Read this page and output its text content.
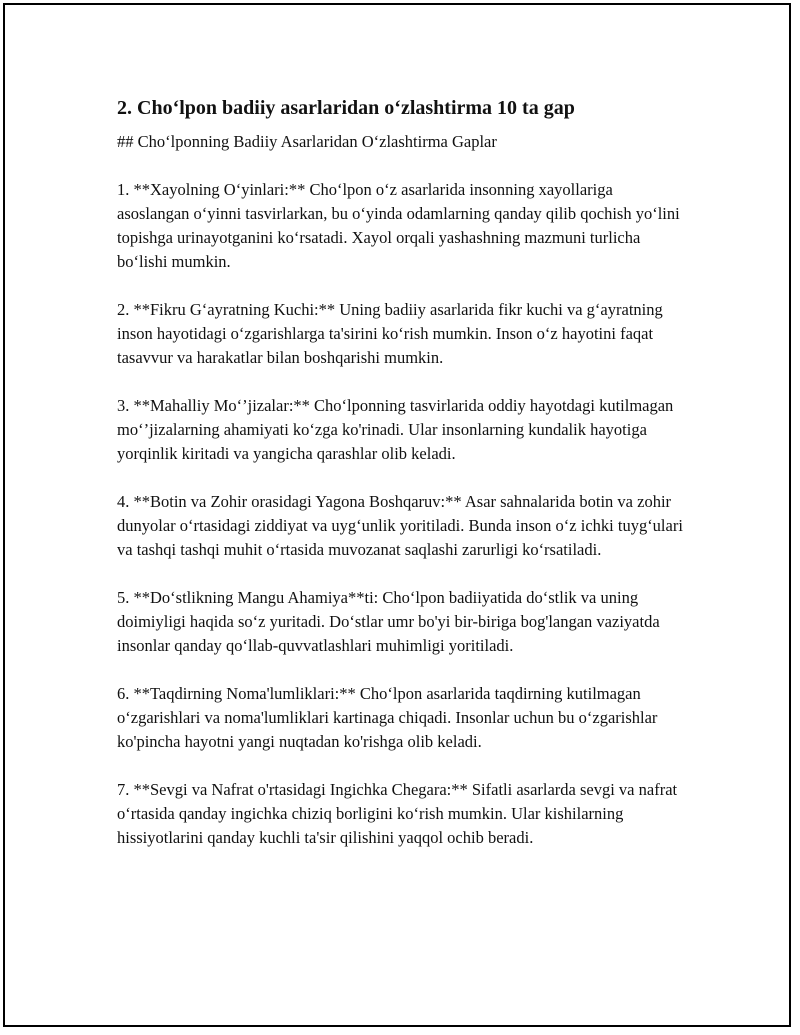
2. Cho‘lpon badiiy asarlaridan o‘zlashtirma 10 ta gap

## Cho‘lponning Badiiy Asarlaridan O‘zlashtirma Gaplar

1. **Xayolning O‘yinlari:** Cho‘lpon o‘z asarlarida insonning xayollariga asoslangan o‘yinni tasvirlarkan, bu o‘yinda odamlarning qanday qilib qochish yo‘lini topishga urinayotganini ko‘rsatadi. Xayol orqali yashashning mazmuni turlicha bo‘lishi mumkin.

2. **Fikru G‘ayratning Kuchi:** Uning badiiy asarlarida fikr kuchi va g‘ayratning inson hayotidagi o‘zgarishlarga ta'sirini ko‘rish mumkin. Inson o‘z hayotini faqat tasavvur va harakatlar bilan boshqarishi mumkin.

3. **Mahalliy Mo‘’jizalar:** Cho‘lponning tasvirlarida oddiy hayotdagi kutilmagan mo‘’jizalarning ahamiyati ko‘zga ko'rinadi. Ular insonlarning kundalik hayotiga yorqinlik kiritadi va yangicha qarashlar olib keladi.

4. **Botin va Zohir orasidagi Yagona Boshqaruv:** Asar sahnalarida botin va zohir dunyolar o‘rtasidagi ziddiyat va uyg‘unlik yoritiladi. Bunda inson o‘z ichki tuyg‘ulari va tashqi tashqi muhit o‘rtasida muvozanat saqlashi zarurligi ko‘rsatiladi.

5. **Do‘stlikning Mangu Ahamiya**ti: Cho‘lpon badiiyatida do‘stlik va uning doimiyligi haqida so‘z yuritadi. Do‘stlar umr bo'yi bir-biriga bog'langan vaziyatda insonlar qanday qo‘llab-quvvatlashlari muhimligi yoritiladi.

6. **Taqdirning Noma'lumliklari:** Cho‘lpon asarlarida taqdirning kutilmagan o‘zgarishlari va noma'lumliklari kartinaga chiqadi. Insonlar uchun bu o‘zgarishlar ko'pincha hayotni yangi nuqtadan ko'rishga olib keladi.

7. **Sevgi va Nafrat o'rtasidagi Ingichka Chegara:** Sifatli asarlarda sevgi va nafrat o‘rtasida qanday ingichka chiziq borligini ko‘rish mumkin. Ular kishilarning hissiyotlarini qanday kuchli ta'sir qilishini yaqqol ochib beradi.
